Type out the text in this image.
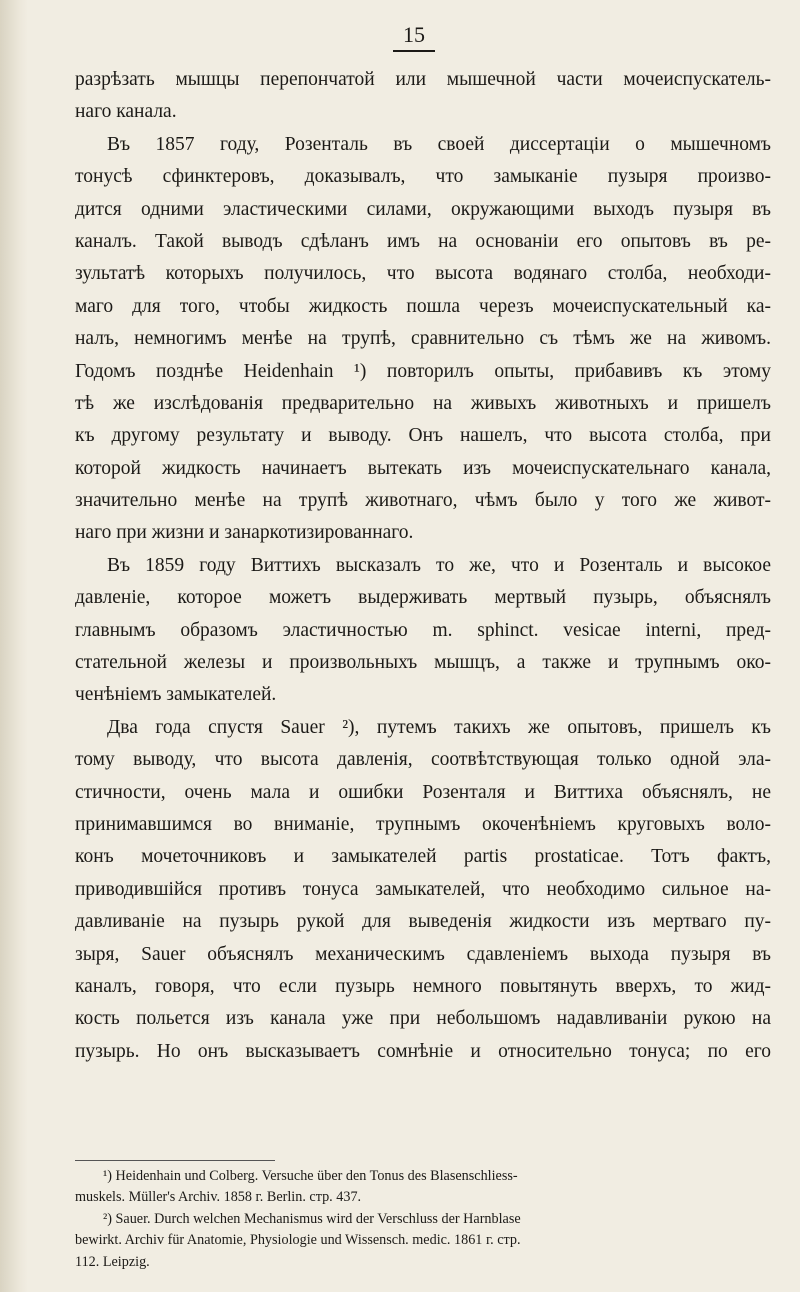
15
разрѣзать мышцы перепончатой или мышечной части мочеиспускатель-
наго канала.
Въ 1857 году, Розенталь въ своей диссертаціи о мышечномъ
тонусѣ сфинктеровъ, доказывалъ, что замыканіе пузыря произво-
дится одними эластическими силами, окружающими выходъ пузыря въ
каналъ. Такой выводъ сдѣланъ имъ на основаніи его опытовъ въ ре-
зультатѣ которыхъ получилось, что высота водянаго столба, необходи-
маго для того, чтобы жидкость пошла черезъ мочеиспускательный ка-
налъ, немногимъ менѣе на трупѣ, сравнительно съ тѣмъ же на живомъ.
Годомъ позднѣе Heidenhain ¹) повторилъ опыты, прибавивъ къ этому
тѣ же изслѣдованія предварительно на живыхъ животныхъ и пришелъ
къ другому результату и выводу. Онъ нашелъ, что высота столба, при
которой жидкость начинаетъ вытекать изъ мочеиспускательнаго канала,
значительно менѣе на трупѣ животнаго, чѣмъ было у того же живот-
наго при жизни и занаркотизированнаго.
Въ 1859 году Виттихъ высказалъ то же, что и Розенталь и высокое
давленіе, которое можетъ выдерживать мертвый пузырь, объяснялъ
главнымъ образомъ эластичностью m. sphinct. vesicae interni, пред-
стательной железы и произвольныхъ мышцъ, а также и трупнымъ око-
ченѣніемъ замыкателей.
Два года спустя Sauer ²), путемъ такихъ же опытовъ, пришелъ къ
тому выводу, что высота давленія, соотвѣтствующая только одной эла-
стичности, очень мала и ошибки Розенталя и Виттиха объяснялъ, не
принимавшимся во вниманіе, трупнымъ окоченѣніемъ круговыхъ воло-
конъ мочеточниковъ и замыкателей partis prostaticae. Тотъ фактъ,
приводившійся противъ тонуса замыкателей, что необходимо сильное на-
давливаніе на пузырь рукой для выведенія жидкости изъ мертваго пу-
зыря, Sauer объяснялъ механическимъ сдавленіемъ выхода пузыря въ
каналъ, говоря, что если пузырь немного повытянуть вверхъ, то жид-
кость польется изъ канала уже при небольшомъ надавливаніи рукою на
пузырь. Но онъ высказываетъ сомнѣніе и относительно тонуса; по его
¹) Heidenhain und Colberg. Versuche über den Tonus des Blasenschliess-
muskels. Müller's Archiv. 1858 г. Berlin. стр. 437.
²) Sauer. Durch welchen Mechanismus wird der Verschluss der Harnblase
bewirkt. Archiv für Anatomie, Physiologie und Wissensch. medic. 1861 г. стр.
112. Leipzig.
